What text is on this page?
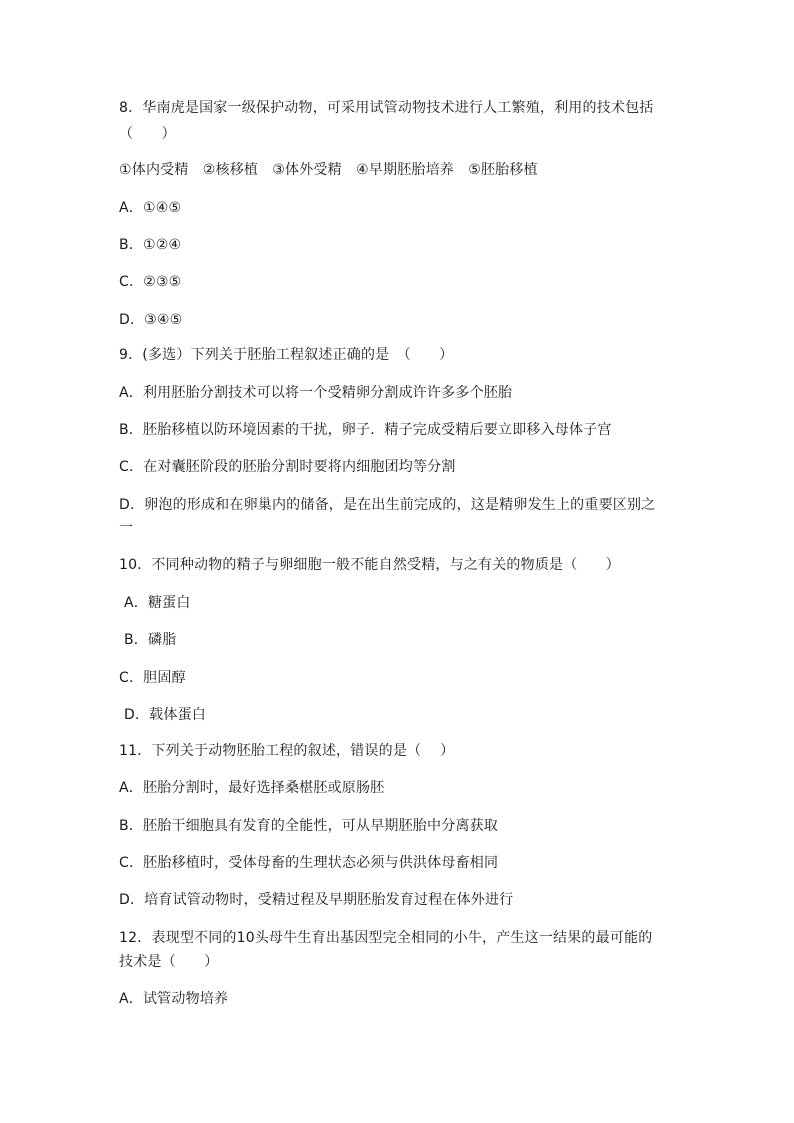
8．华南虎是国家一级保护动物，可采用试管动物技术进行人工繁殖，利用的技术包括
（　　）
①体内受精　②核移植　③体外受精　④早期胚胎培养　⑤胚胎移植
A．①④⑤
B．①②④
C．②③⑤
D．③④⑤
9．(多选）下列关于胚胎工程叙述正确的是　（　　）
A．利用胚胎分割技术可以将一个受精卵分割成许许多多个胚胎
B．胚胎移植以防环境因素的干扰，卵子．精子完成受精后要立即移入母体子宫
C．在对囊胚阶段的胚胎分割时要将内细胞团均等分割
D．卵泡的形成和在卵巢内的储备，是在出生前完成的，这是精卵发生上的重要区别之
一
10．不同种动物的精子与卵细胞一般不能自然受精，与之有关的物质是（　　）
A．糖蛋白
B．磷脂
C．胆固醇
D．载体蛋白
11．下列关于动物胚胎工程的叙述，错误的是（　 ）
A．胚胎分割时，最好选择桑椹胚或原肠胚
B．胚胎干细胞具有发育的全能性，可从早期胚胎中分离获取
C．胚胎移植时，受体母畜的生理状态必须与供洪体母畜相同
D．培育试管动物时，受精过程及早期胚胎发育过程在体外进行
12．表现型不同的10头母牛生育出基因型完全相同的小牛，产生这一结果的最可能的
技术是（　　）
A．试管动物培养
